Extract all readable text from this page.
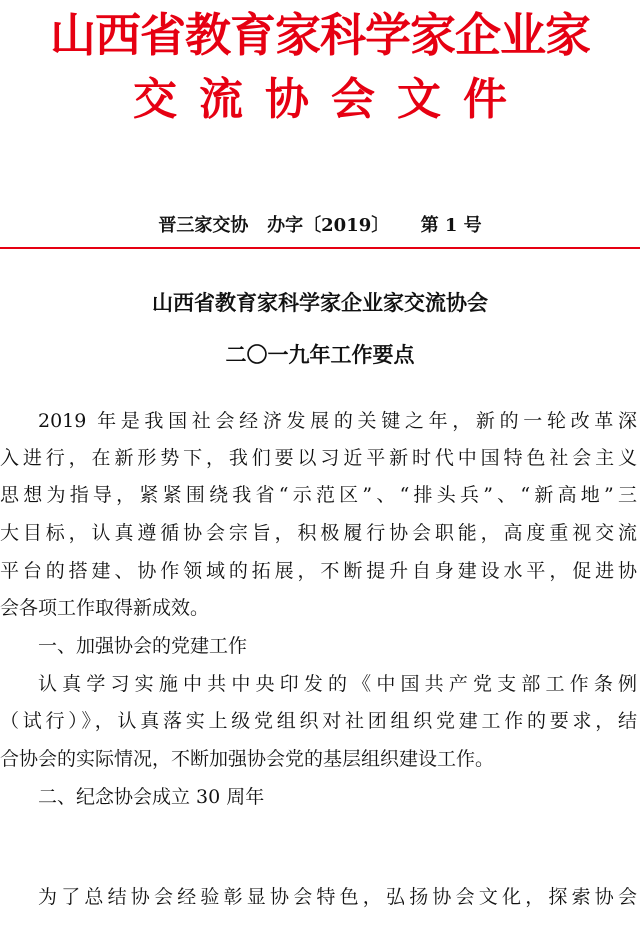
山西省教育家科学家企业家
交流协会文件
晋三家交协   办字〔2019〕     第 1 号
山西省教育家科学家企业家交流协会
二〇一九年工作要点
2019 年是我国社会经济发展的关键之年，新的一轮改革深
入进行，在新形势下，我们要以习近平新时代中国特色社会主义
思想为指导，紧紧围绕我省“示范区”、“排头兵”、“新高地”三
大目标，认真遵循协会宗旨，积极履行协会职能，高度重视交流
平台的搭建、协作领域的拓展，不断提升自身建设水平，促进协
会各项工作取得新成效。
一、加强协会的党建工作
认真学习实施中共中央印发的《中国共产党支部工作条例
（试行）》，认真落实上级党组织对社团组织党建工作的要求，结
合协会的实际情况，不断加强协会党的基层组织建设工作。
二、纪念协会成立 30 周年
为了总结协会经验彰显协会特色，弘扬协会文化，探索协会
